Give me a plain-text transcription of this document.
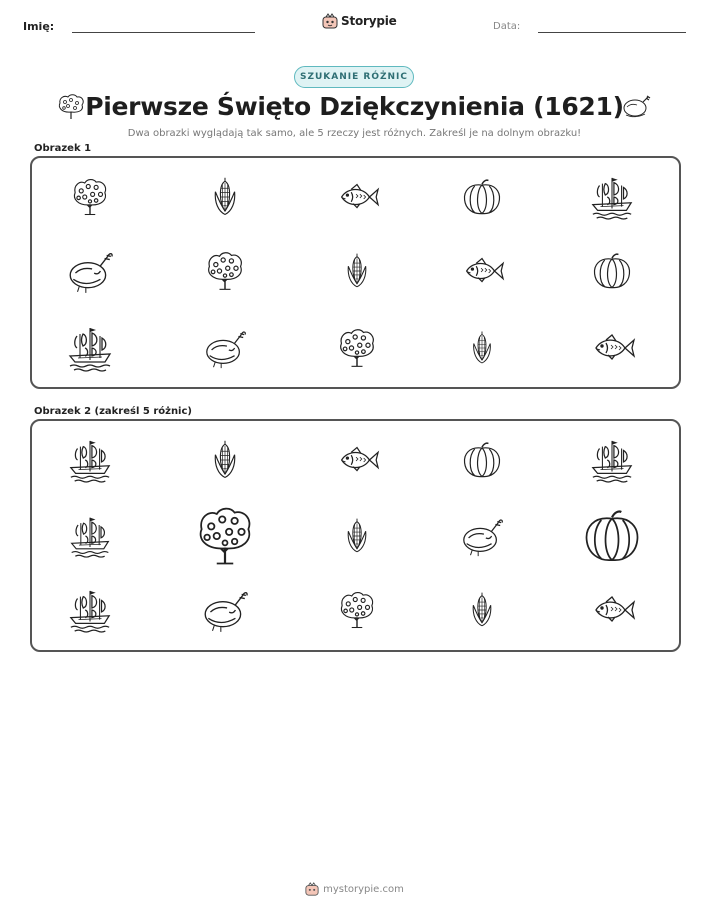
Imię:	Storypie	Data:
SZUKANIE RÓŻNIC
Pierwsze Święto Dziękczynienia (1621)
Dwa obrazki wyglądają tak samo, ale 5 rzeczy jest różnych. Zakreśl je na dolnym obrazku!
Obrazek 1
Obrazek 2 (zakreśl 5 różnic)
mystorypie.com
